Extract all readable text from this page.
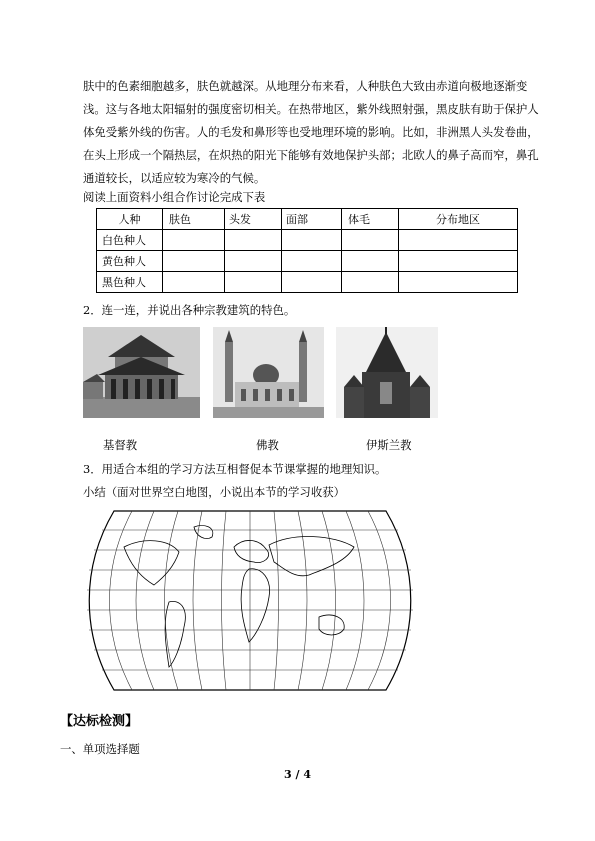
肤中的色素细胞越多，肤色就越深。从地理分布来看，人种肤色大致由赤道向极地逐渐变
浅。这与各地太阳辐射的强度密切相关。在热带地区，紫外线照射强，黑皮肤有助于保护人
体免受紫外线的伤害。人的毛发和鼻形等也受地理环境的影响。比如，非洲黑人头发卷曲，
在头上形成一个隔热层，在炽热的阳光下能够有效地保护头部；北欧人的鼻子高而窄，鼻孔
通道较长，以适应较为寒冷的气候。
阅读上面资料小组合作讨论完成下表
人种	肤色	头发	面部	体毛	分布地区
白色种人					
黄色种人					
黑色种人					
2．连一连，并说出各种宗教建筑的特色。
基督教	佛教	伊斯兰教
3．用适合本组的学习方法互相督促本节课掌握的地理知识。
小结（面对世界空白地图，小说出本节的学习收获）
【达标检测】
一、单项选择题
3 / 4
